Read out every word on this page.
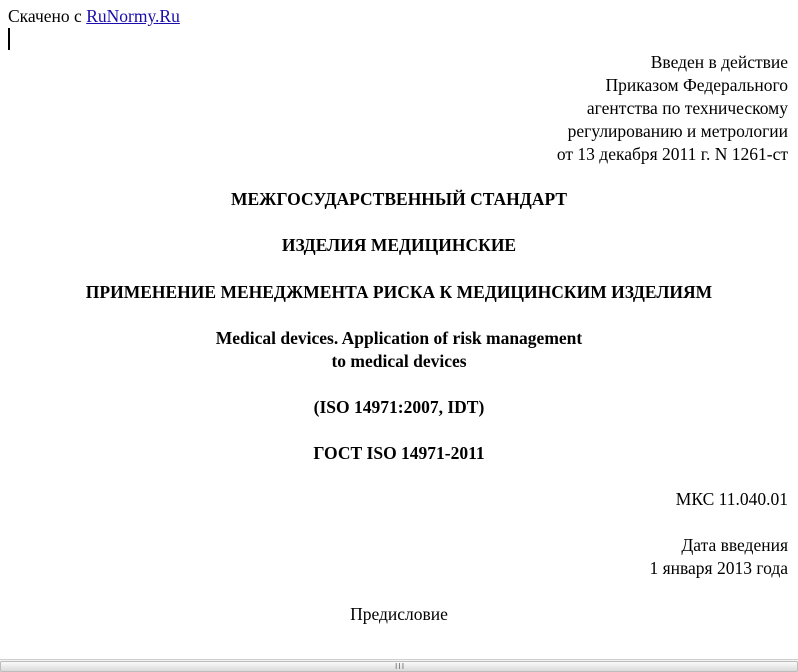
Скачено с RuNormy.Ru
Введен в действие
Приказом Федерального
агентства по техническому
регулированию и метрологии
от 13 декабря 2011 г. N 1261-ст
МЕЖГОСУДАРСТВЕННЫЙ СТАНДАРТ
ИЗДЕЛИЯ МЕДИЦИНСКИЕ
ПРИМЕНЕНИЕ МЕНЕДЖМЕНТА РИСКА К МЕДИЦИНСКИМ ИЗДЕЛИЯМ
Medical devices. Application of risk management
to medical devices
(ISO 14971:2007, IDT)
ГОСТ ISO 14971-2011
МКС 11.040.01
Дата введения
1 января 2013 года
Предисловие
III
